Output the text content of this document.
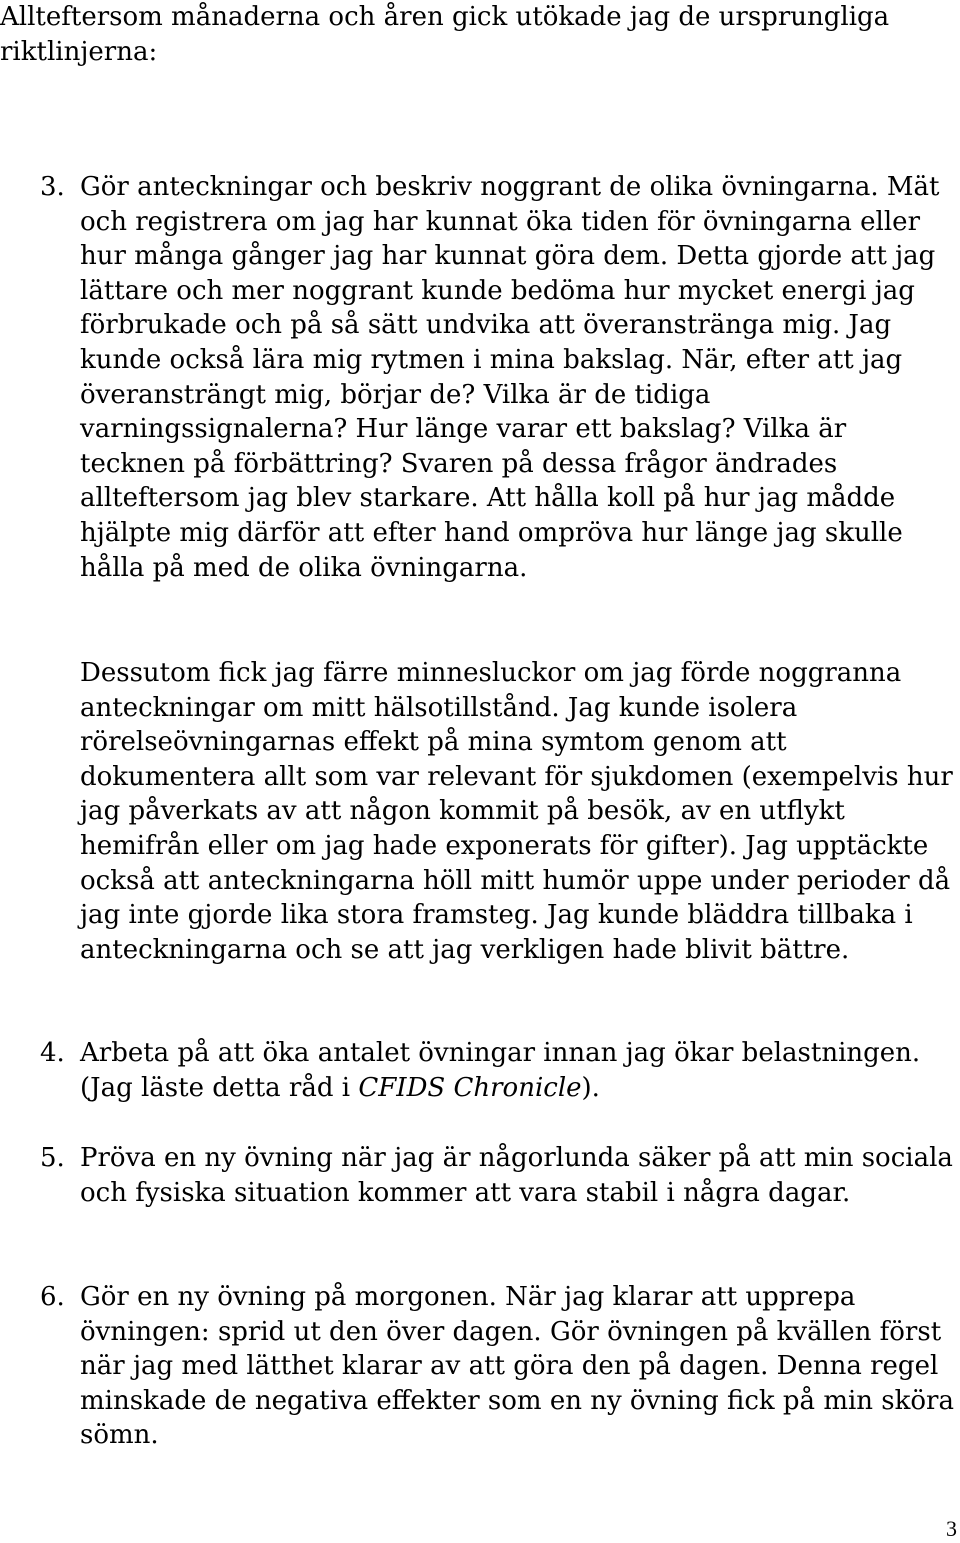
Allteftersom månaderna och åren gick utökade jag de ursprungliga riktlinjerna:

3. Gör anteckningar och beskriv noggrant de olika övningarna. Mät och registrera om jag har kunnat öka tiden för övningarna eller hur många gånger jag har kunnat göra dem. Detta gjorde att jag lättare och mer noggrant kunde bedöma hur mycket energi jag förbrukade och på så sätt undvika att överanstränga mig. Jag kunde också lära mig rytmen i mina bakslag. När, efter att jag överansträngt mig, börjar de? Vilka är de tidiga varningssignalerna? Hur länge varar ett bakslag? Vilka är tecknen på förbättring? Svaren på dessa frågor ändrades allteftersom jag blev starkare. Att hålla koll på hur jag mådde hjälpte mig därför att efter hand ompröva hur länge jag skulle hålla på med de olika övningarna.

Dessutom fick jag färre minnesluckor om jag förde noggranna anteckningar om mitt hälsotillstånd. Jag kunde isolera rörelseövningarnas effekt på mina symtom genom att dokumentera allt som var relevant för sjukdomen (exempelvis hur jag påverkats av att någon kommit på besök, av en utflykt hemifrån eller om jag hade exponerats för gifter). Jag upptäckte också att anteckningarna höll mitt humör uppe under perioder då jag inte gjorde lika stora framsteg. Jag kunde bläddra tillbaka i anteckningarna och se att jag verkligen hade blivit bättre.

4. Arbeta på att öka antalet övningar innan jag ökar belastningen. (Jag läste detta råd i CFIDS Chronicle).

5. Pröva en ny övning när jag är någorlunda säker på att min sociala och fysiska situation kommer att vara stabil i några dagar.

6. Gör en ny övning på morgonen. När jag klarar att upprepa övningen: sprid ut den över dagen. Gör övningen på kvällen först när jag med lätthet klarar av att göra den på dagen. Denna regel minskade de negativa effekter som en ny övning fick på min sköra sömn.

3
